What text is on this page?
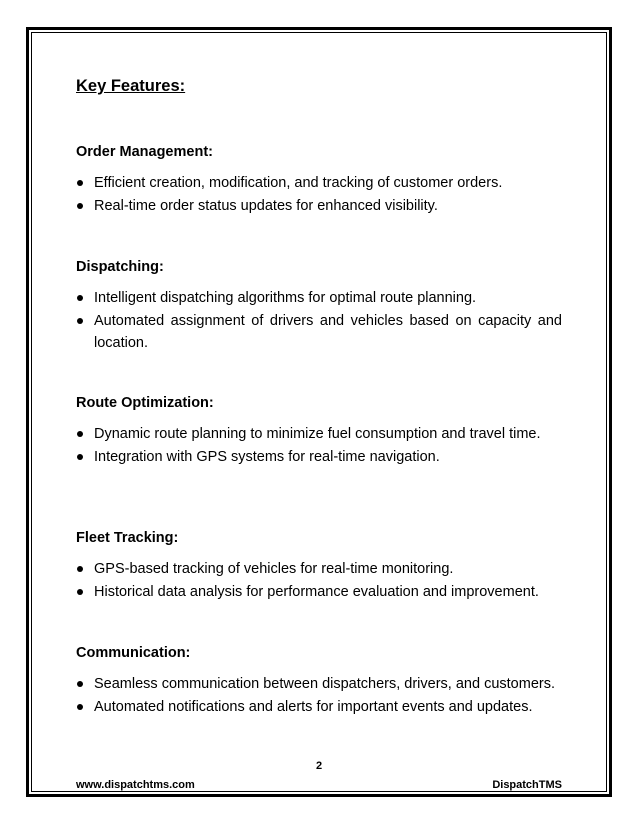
Key Features:
Order Management:
Efficient creation, modification, and tracking of customer orders.
Real-time order status updates for enhanced visibility.
Dispatching:
Intelligent dispatching algorithms for optimal route planning.
Automated assignment of drivers and vehicles based on capacity and location.
Route Optimization:
Dynamic route planning to minimize fuel consumption and travel time.
Integration with GPS systems for real-time navigation.
Fleet Tracking:
GPS-based tracking of vehicles for real-time monitoring.
Historical data analysis for performance evaluation and improvement.
Communication:
Seamless communication between dispatchers, drivers, and customers.
Automated notifications and alerts for important events and updates.
2
www.dispatchtms.com	DispatchTMS
